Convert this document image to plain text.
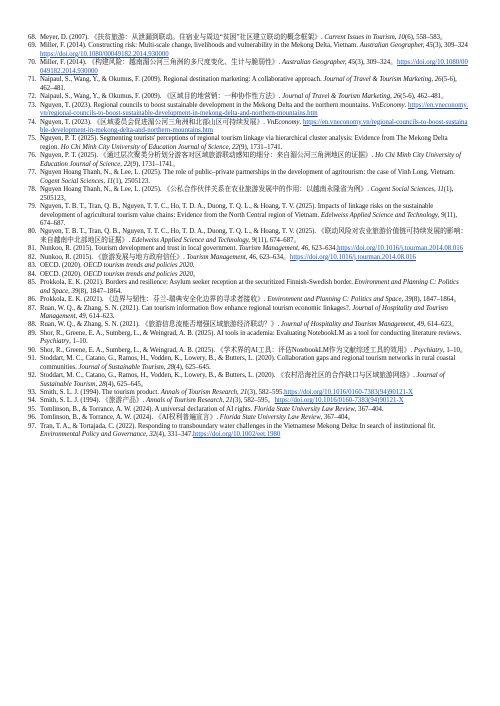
68. Meyer, D. (2007). 《扶贫旅游：从泄漏到联动。住宿业与周边“贫困”社区建立联动的概念框架》. Current Issues in Tourism, 10(6), 558–583。
69. Miller, F. (2014). Constructing risk: Multi-scale change, livelihoods and vulnerability in the Mekong Delta, Vietnam. Australian Geographer, 45(3), 309–324 https://doi.org/10.1080/00049182.2014.930000
70. Miller, F. (2014). 《构建风险：越南湄公河三角洲的多尺度变化、生计与脆弱性》. Australian Geographer, 45(3), 309–324。https://doi.org/10.1080/00049182.2014.930000
71. Naipaul, S., Wang, Y., & Okumus, F. (2009). Regional destination marketing: A collaborative approach. Journal of Travel & Tourism Marketing, 26(5-6), 462–481.
72. Naipaul, S., Wang, Y., & Okumus, F. (2009). 《区域目的地营销：一种协作性方法》. Journal of Travel & Tourism Marketing, 26(5-6), 462–481。
73. Nguyen, T. (2023). Regional councils to boost sustainable development in the Mekong Delta and the northern mountains. VnEconomy. https://en.vneconomy.vn/regional-councils-to-boost-sustainable-development-in-mekong-delta-and-northern-mountains.htm
74. Nguyen, T. (2023). 《区域委员会促进湄公河三角洲和北部山区可持续发展》. VnEconomy. https://en.vneconomy.vn/regional-councils-to-boost-sustainable-development-in-mekong-delta-and-northern-mountains.htm
75. Nguyen, P. T. (2025). Segmenting tourists' perceptions of regional tourism linkage via hierarchical cluster analysis: Evidence from The Mekong Delta region. Ho Chi Minh City University of Education Journal of Science, 22(9), 1731–1741.
76. Nguyen, P. T. (2025). 《通过层次聚类分析划分游客对区域旅游联动感知的细分：来自湄公河三角洲地区的证据》. Ho Chi Minh City University of Education Journal of Science, 22(9), 1731–1741。
77. Nguyen Hoang Thanh, N., & Lee, L. (2025). The role of public–private partnerships in the development of agritourism: the case of Vinh Long, Vietnam. Cogent Social Sciences, 11(1), 2505123.
78. Nguyen Hoang Thanh, N., & Lee, L. (2025). 《公私合作伙伴关系在农业旅游发展中的作用：以越南永隆省为例》. Cogent Social Sciences, 11(1), 2505123。
79. Nguyen, T. B. T., Tran, Q. B., Nguyen, T. T. C., Ho, T. D. A., Duong, T. Q. L., & Hoang, T. V. (2025). Impacts of linkage risks on the sustainable development of agricultural tourism value chains: Evidence from the North Central region of Vietnam. Edelweiss Applied Science and Technology, 9(11), 674–687.
80. Nguyen, T. B. T., Tran, Q. B., Nguyen, T. T. C., Ho, T. D. A., Duong, T. Q. L., & Hoang, T. V. (2025). 《联动风险对农业旅游价值链可持续发展的影响：来自越南中北部地区的证据》. Edelweiss Applied Science and Technology, 9(11), 674–687。
81. Nunkoo, R. (2015). Tourism development and trust in local government. Tourism Management, 46, 623–634.https://doi.org/10.1016/j.tourman.2014.08.016
82. Nunkoo, R. (2015). 《旅游发展与地方政府信任》. Tourism Management, 46, 623–634。https://doi.org/10.1016/j.tourman.2014.08.016
83. OECD. (2020). OECD tourism trends and policies 2020.
84. OECD. (2020). OECD tourism trends and policies 2020。
85. Prokkola, E. K. (2021). Borders and resilience: Asylum seeker reception at the securitized Finnish-Swedish border. Environment and Planning C: Politics and Space, 39(8), 1847–1864.
86. Prokkola, E. K. (2021). 《边界与韧性：芬兰-瑞典安全化边界的寻求者接收》. Environment and Planning C: Politics and Space, 39(8), 1847–1864。
87. Ruan, W. Q., & Zhang, S. N. (2021). Can tourism information flow enhance regional tourism economic linkages?. Journal of Hospitality and Tourism Management, 49, 614–623.
88. Ruan, W. Q., & Zhang, S. N. (2021). 《旅游信息流能否增强区域旅游经济联动？》. Journal of Hospitality and Tourism Management, 49, 614–623。
89. Shor, R., Greene, E. A., Sumberg, L., & Weingrad, A. B. (2025). AI tools in academia: Evaluating NotebookLM as a tool for conducting literature reviews. Psychiatry, 1–10.
90. Shor, R., Greene, E. A., Sumberg, L., & Weingrad, A. B. (2025). 《学术界的AI工具：评估NotebookLM作为文献综述工具的效用》. Psychiatry, 1–10。
91. Stoddart, M. C., Catano, G., Ramos, H., Vodden, K., Lowery, B., & Butters, L. (2020). Collaboration gaps and regional tourism networks in rural coastal communities. Journal of Sustainable Tourism, 28(4), 625–645.
92. Stoddart, M. C., Catano, G., Ramos, H., Vodden, K., Lowery, B., & Butters, L. (2020). 《农村沿海社区的合作缺口与区域旅游网络》. Journal of Sustainable Tourism, 28(4), 625–645。
93. Smith, S. L. J. (1994). The tourism product. Annals of Tourism Research, 21(3), 582–595.https://doi.org/10.1016/0160-7383(94)90121-X
94. Smith, S. L. J. (1994). 《旅游产品》. Annals of Tourism Research, 21(3), 582–595。https://doi.org/10.1016/0160-7383(94)90121-X
95. Tomlinson, B., & Torrance, A. W. (2024). A universal declaration of AI rights. Florida State University Law Review, 367–404.
96. Tomlinson, B., & Torrance, A. W. (2024). 《AI权利普遍宣言》. Florida State University Law Review, 367–404。
97. Tran, T. A., & Tortajada, C. (2022). Responding to transboundary water challenges in the Vietnamese Mekong Delta: In search of institutional fit. Environmental Policy and Governance, 32(4), 331–347.https://doi.org/10.1002/eet.1980
